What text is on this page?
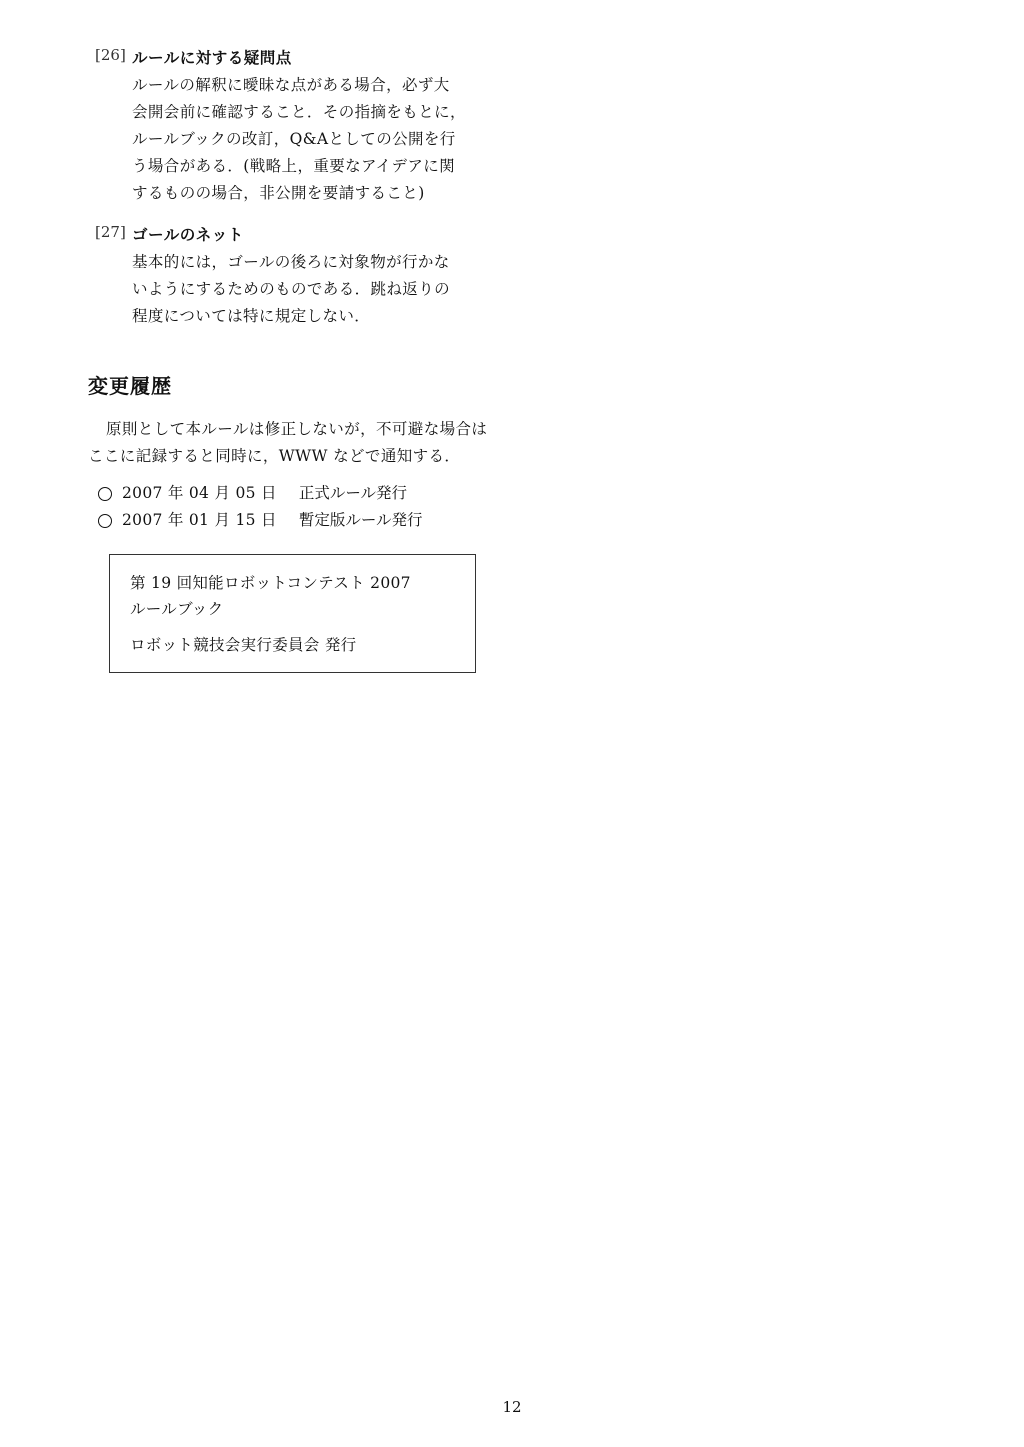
[26] ルールに対する疑問点
ルールの解釈に曖昧な点がある場合，必ず大
会開会前に確認すること．その指摘をもとに，
ルールブックの改訂，Q&Aとしての公開を行
う場合がある．(戦略上，重要なアイデアに関
するものの場合，非公開を要請すること)
[27] ゴールのネット
基本的には，ゴールの後ろに対象物が行かな
いようにするためのものである．跳ね返りの
程度については特に規定しない．
変更履歴
原則として本ルールは修正しないが，不可避な場合は
ここに記録すると同時に，WWW などで通知する．
2007 年 04 月 05 日 正式ルール発行
2007 年 01 月 15 日 暫定版ルール発行
第 19 回知能ロボットコンテスト 2007
ルールブック
ロボット競技会実行委員会 発行
12
